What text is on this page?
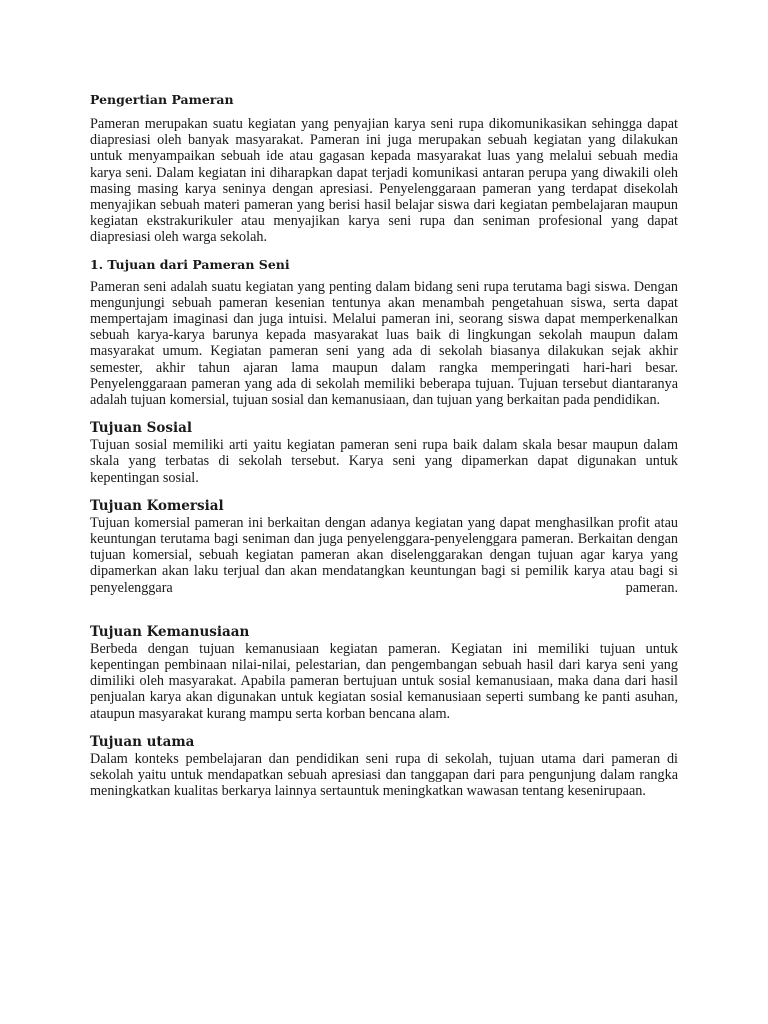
Pengertian Pameran

Pameran merupakan suatu kegiatan yang penyajian karya seni rupa dikomunikasikan sehingga dapat diapresiasi oleh banyak masyarakat. Pameran ini juga merupakan sebuah kegiatan yang dilakukan untuk menyampaikan sebuah ide atau gagasan kepada masyarakat luas yang melalui sebuah media karya seni. Dalam kegiatan ini diharapkan dapat terjadi komunikasi antaran perupa yang diwakili oleh masing masing karya seninya dengan apresiasi. Penyelenggaraan pameran yang terdapat disekolah menyajikan sebuah materi pameran yang berisi hasil belajar siswa dari kegiatan pembelajaran maupun kegiatan ekstrakurikuler atau menyajikan karya seni rupa dan seniman profesional yang dapat diapresiasi oleh warga sekolah.

1. Tujuan dari Pameran Seni

Pameran seni adalah suatu kegiatan yang penting dalam bidang seni rupa terutama bagi siswa. Dengan mengunjungi sebuah pameran kesenian tentunya akan menambah pengetahuan siswa, serta dapat mempertajam imaginasi dan juga intuisi. Melalui pameran ini, seorang siswa dapat memperkenalkan sebuah karya-karya barunya kepada masyarakat luas baik di lingkungan sekolah maupun dalam masyarakat umum. Kegiatan pameran seni yang ada di sekolah biasanya dilakukan sejak akhir semester, akhir tahun ajaran lama maupun dalam rangka memperingati hari-hari besar. Penyelenggaraan pameran yang ada di sekolah memiliki beberapa tujuan. Tujuan tersebut diantaranya adalah tujuan komersial, tujuan sosial dan kemanusiaan, dan tujuan yang berkaitan pada pendidikan.

Tujuan Sosial

Tujuan sosial memiliki arti yaitu kegiatan pameran seni rupa baik dalam skala besar maupun dalam skala yang terbatas di sekolah tersebut. Karya seni yang dipamerkan dapat digunakan untuk kepentingan sosial.

Tujuan Komersial

Tujuan komersial pameran ini berkaitan dengan adanya kegiatan yang dapat menghasilkan profit atau keuntungan terutama bagi seniman dan juga penyelenggara-penyelenggara pameran. Berkaitan dengan tujuan komersial, sebuah kegiatan pameran akan diselenggarakan dengan tujuan agar karya yang dipamerkan akan laku terjual dan akan mendatangkan keuntungan bagi si pemilik karya atau bagi si penyelenggara pameran.

Tujuan Kemanusiaan

Berbeda dengan tujuan kemanusiaan kegiatan pameran. Kegiatan ini memiliki tujuan untuk kepentingan pembinaan nilai-nilai, pelestarian, dan pengembangan sebuah hasil dari karya seni yang dimiliki oleh masyarakat. Apabila pameran bertujuan untuk sosial kemanusiaan, maka dana dari hasil penjualan karya akan digunakan untuk kegiatan sosial kemanusiaan seperti sumbang ke panti asuhan, ataupun masyarakat kurang mampu serta korban bencana alam.

Tujuan utama

Dalam konteks pembelajaran dan pendidikan seni rupa di sekolah, tujuan utama dari pameran di sekolah yaitu untuk mendapatkan sebuah apresiasi dan tanggapan dari para pengunjung dalam rangka meningkatkan kualitas berkarya lainnya sertauntuk meningkatkan wawasan tentang kesenirupaan.
